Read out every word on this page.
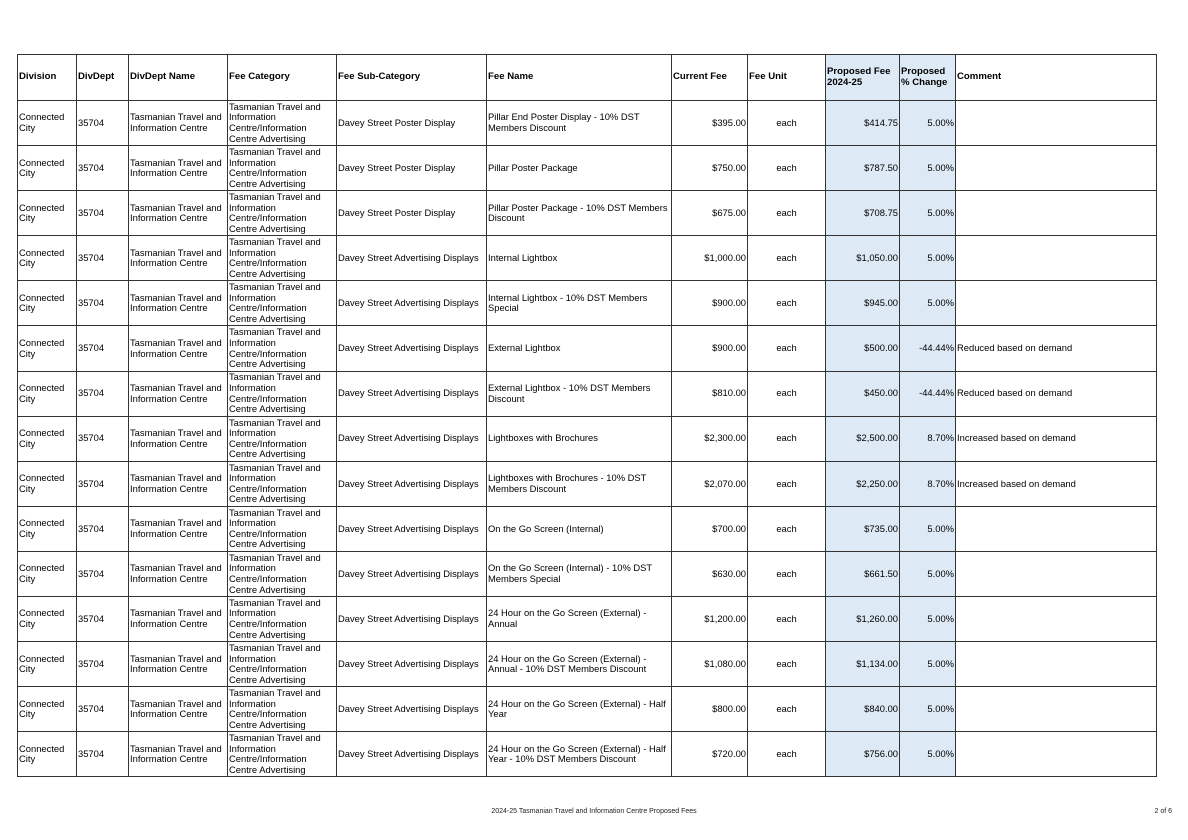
Division	DivDept	DivDept Name	Fee Category	Fee Sub-Category	Fee Name	Current Fee	Fee Unit	Proposed Fee 2024-25	Proposed % Change	Comment
Connected City	35704	Tasmanian Travel and Information Centre	Tasmanian Travel and Information Centre/Information Centre Advertising	Davey Street Poster Display	Pillar End Poster Display - 10% DST Members Discount	$395.00	each	$414.75	5.00%	
Connected City	35704	Tasmanian Travel and Information Centre	Tasmanian Travel and Information Centre/Information Centre Advertising	Davey Street Poster Display	Pillar Poster Package	$750.00	each	$787.50	5.00%	
Connected City	35704	Tasmanian Travel and Information Centre	Tasmanian Travel and Information Centre/Information Centre Advertising	Davey Street Poster Display	Pillar Poster Package - 10% DST Members Discount	$675.00	each	$708.75	5.00%	
Connected City	35704	Tasmanian Travel and Information Centre	Tasmanian Travel and Information Centre/Information Centre Advertising	Davey Street Advertising Displays	Internal Lightbox	$1,000.00	each	$1,050.00	5.00%	
Connected City	35704	Tasmanian Travel and Information Centre	Tasmanian Travel and Information Centre/Information Centre Advertising	Davey Street Advertising Displays	Internal Lightbox - 10% DST Members Special	$900.00	each	$945.00	5.00%	
Connected City	35704	Tasmanian Travel and Information Centre	Tasmanian Travel and Information Centre/Information Centre Advertising	Davey Street Advertising Displays	External Lightbox	$900.00	each	$500.00	-44.44%	Reduced based on demand
Connected City	35704	Tasmanian Travel and Information Centre	Tasmanian Travel and Information Centre/Information Centre Advertising	Davey Street Advertising Displays	External Lightbox - 10% DST Members Discount	$810.00	each	$450.00	-44.44%	Reduced based on demand
Connected City	35704	Tasmanian Travel and Information Centre	Tasmanian Travel and Information Centre/Information Centre Advertising	Davey Street Advertising Displays	Lightboxes with Brochures	$2,300.00	each	$2,500.00	8.70%	Increased based on demand
Connected City	35704	Tasmanian Travel and Information Centre	Tasmanian Travel and Information Centre/Information Centre Advertising	Davey Street Advertising Displays	Lightboxes with Brochures - 10% DST Members Discount	$2,070.00	each	$2,250.00	8.70%	Increased based on demand
Connected City	35704	Tasmanian Travel and Information Centre	Tasmanian Travel and Information Centre/Information Centre Advertising	Davey Street Advertising Displays	On the Go Screen (Internal)	$700.00	each	$735.00	5.00%	
Connected City	35704	Tasmanian Travel and Information Centre	Tasmanian Travel and Information Centre/Information Centre Advertising	Davey Street Advertising Displays	On the Go Screen (Internal) - 10% DST Members Special	$630.00	each	$661.50	5.00%	
Connected City	35704	Tasmanian Travel and Information Centre	Tasmanian Travel and Information Centre/Information Centre Advertising	Davey Street Advertising Displays	24 Hour on the Go Screen (External) - Annual	$1,200.00	each	$1,260.00	5.00%	
Connected City	35704	Tasmanian Travel and Information Centre	Tasmanian Travel and Information Centre/Information Centre Advertising	Davey Street Advertising Displays	24 Hour on the Go Screen (External) - Annual - 10% DST Members Discount	$1,080.00	each	$1,134.00	5.00%	
Connected City	35704	Tasmanian Travel and Information Centre	Tasmanian Travel and Information Centre/Information Centre Advertising	Davey Street Advertising Displays	24 Hour on the Go Screen (External) - Half Year	$800.00	each	$840.00	5.00%	
Connected City	35704	Tasmanian Travel and Information Centre	Tasmanian Travel and Information Centre/Information Centre Advertising	Davey Street Advertising Displays	24 Hour on the Go Screen (External) - Half Year - 10% DST Members Discount	$720.00	each	$756.00	5.00%	
2024-25 Tasmanian Travel and Information Centre Proposed Fees	2 of 6
